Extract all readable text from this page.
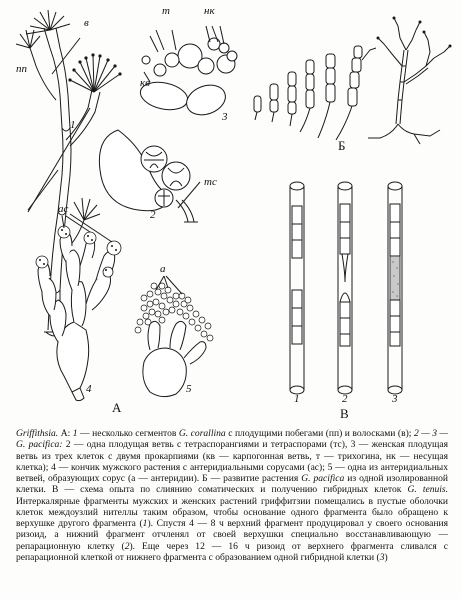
в
пп
1
т	нк
кв
3
тс
2
ас
а
4	5
А
Б
1	2	3
В
Griffithsia. А: 1 — несколько сегментов G. corallina с плодущими побегами (пп) и волосками (в); 2 — 3 — G. pacifica: 2 — одна плодущая ветвь с тетраспорангиями и тетраспорами (тс), 3 — женская плодущая ветвь из трех клеток с двумя прокарпиями (кв — карпогонная ветвь, т — трихогина, нк — несущая клетка); 4 — кончик мужского растения с антеридиальными сорусами (ас); 5 — одна из антеридиальных ветвей, образующих сорус (а — антеридии). Б — развитие растения G. pacifica из одной изолированной клетки. В — схема опыта по слиянию соматических и получению гибридных клеток G. tenuis. Интеркалярные фрагменты мужских и женских растений гриффитзии помещались в пустые оболочки клеток междоузлий нителлы таким образом, чтобы основание одного фрагмента было обращено к верхушке другого фрагмента (1). Спустя 4 — 8 ч верхний фрагмент продуцировал у своего основания ризоид, а нижний фрагмент отчленял от своей верхушки специально восстанавливающую — репарационную клетку (2). Еще через 12 — 16 ч ризоид от верхнего фрагмента сливался с репарационной клеткой от нижнего фрагмента с образованием одной гибридной клетки (3)
